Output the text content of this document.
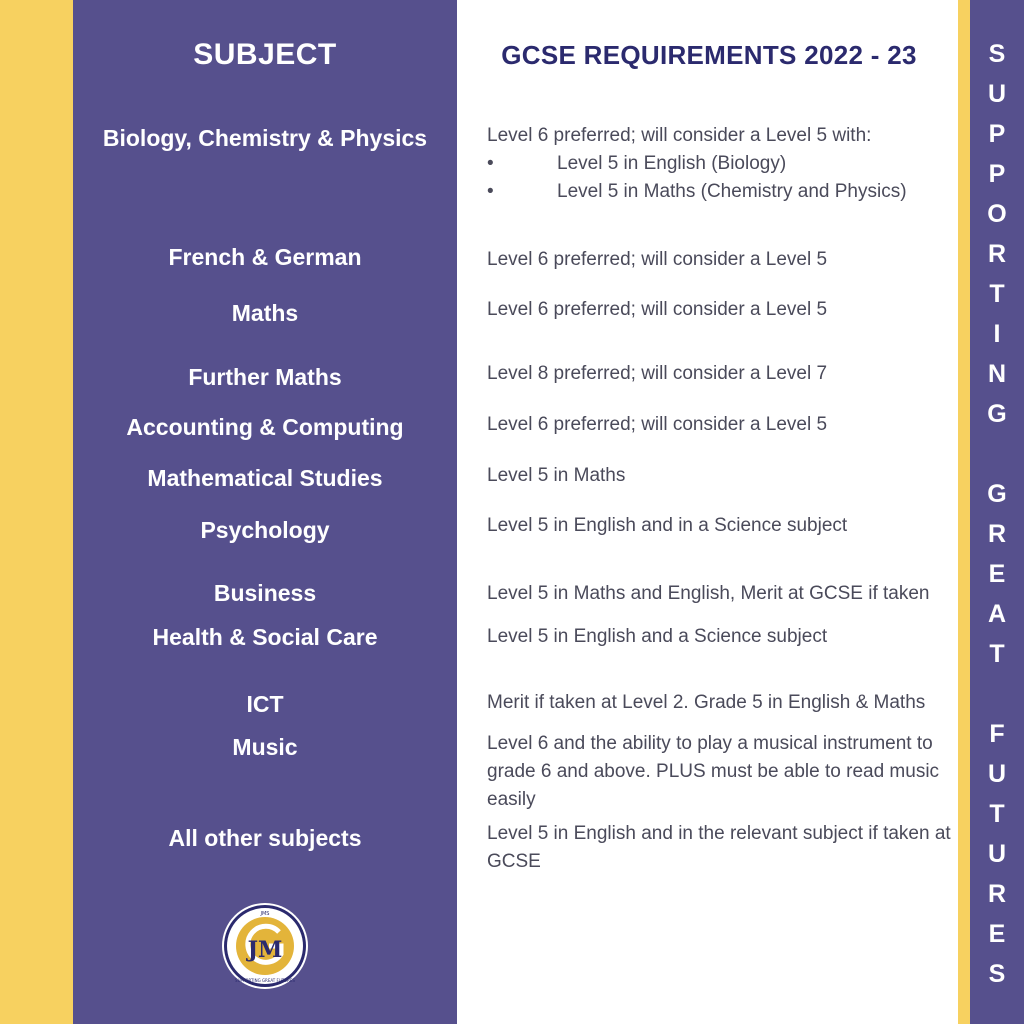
SUBJECT	GCSE REQUIREMENTS 2022 - 23
Biology, Chemistry & Physics	Level 6 preferred; will consider a Level 5 with:
•	Level 5 in English (Biology)
•	Level 5 in Maths (Chemistry and Physics)
French & German	Level 6 preferred; will consider a Level 5
Maths	Level 6 preferred; will consider a Level 5
Further Maths	Level 8 preferred; will consider a Level 7
Accounting & Computing	Level 6 preferred; will consider a Level 5
Mathematical Studies	Level 5 in Maths
Psychology	Level 5 in English and in a Science subject
Business	Level 5 in Maths and English, Merit at GCSE if taken
Health & Social Care	Level 5 in English and a Science subject
ICT	Merit if taken at Level 2. Grade 5 in English & Maths
Music	Level 6 and the ability to play a musical instrument to grade 6 and above. PLUS must be able to read music easily
All other subjects	Level 5 in English and in the relevant subject if taken at GCSE
S
U
P
P
O
R
T
I
N
G
G
R
E
A
T
F
U
T
U
R
E
S
JM
JMS
SUPPORTING GREAT FUTURES
